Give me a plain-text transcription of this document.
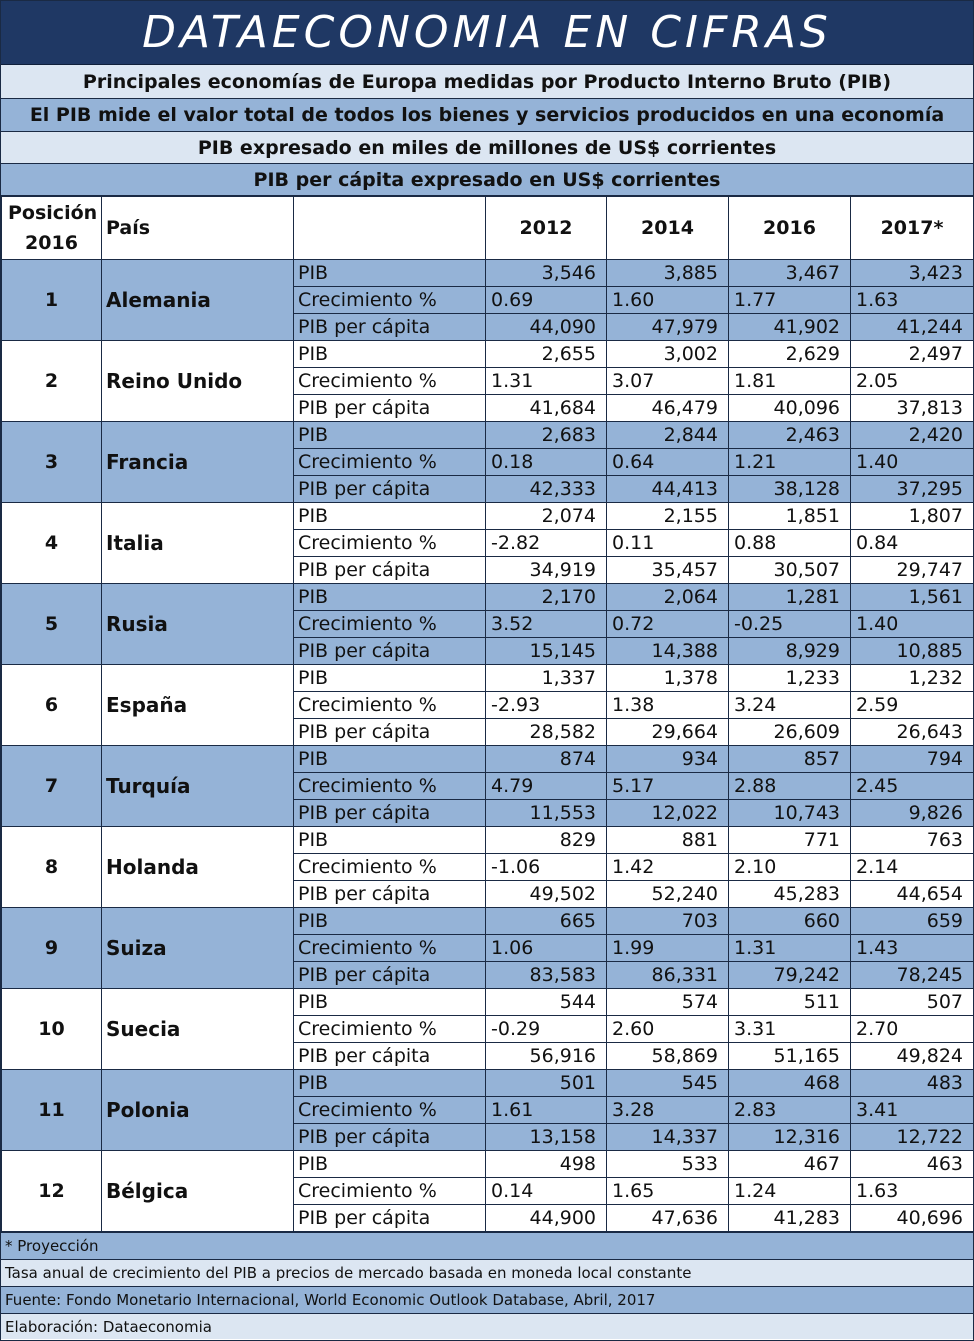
DATAECONOMIA EN CIFRAS
Principales economías de Europa medidas por Producto Interno Bruto (PIB)
El PIB mide el valor total de todos los bienes y servicios producidos en una economía
PIB expresado en miles de millones de US$ corrientes
PIB per cápita expresado en US$ corrientes
Posición 2016	País		2012	2014	2016	2017*
1	Alemania	PIB	3,546	3,885	3,467	3,423
		Crecimiento %	0.69	1.60	1.77	1.63
		PIB per cápita	44,090	47,979	41,902	41,244
2	Reino Unido	PIB	2,655	3,002	2,629	2,497
		Crecimiento %	1.31	3.07	1.81	2.05
		PIB per cápita	41,684	46,479	40,096	37,813
3	Francia	PIB	2,683	2,844	2,463	2,420
		Crecimiento %	0.18	0.64	1.21	1.40
		PIB per cápita	42,333	44,413	38,128	37,295
4	Italia	PIB	2,074	2,155	1,851	1,807
		Crecimiento %	-2.82	0.11	0.88	0.84
		PIB per cápita	34,919	35,457	30,507	29,747
5	Rusia	PIB	2,170	2,064	1,281	1,561
		Crecimiento %	3.52	0.72	-0.25	1.40
		PIB per cápita	15,145	14,388	8,929	10,885
6	España	PIB	1,337	1,378	1,233	1,232
		Crecimiento %	-2.93	1.38	3.24	2.59
		PIB per cápita	28,582	29,664	26,609	26,643
7	Turquía	PIB	874	934	857	794
		Crecimiento %	4.79	5.17	2.88	2.45
		PIB per cápita	11,553	12,022	10,743	9,826
8	Holanda	PIB	829	881	771	763
		Crecimiento %	-1.06	1.42	2.10	2.14
		PIB per cápita	49,502	52,240	45,283	44,654
9	Suiza	PIB	665	703	660	659
		Crecimiento %	1.06	1.99	1.31	1.43
		PIB per cápita	83,583	86,331	79,242	78,245
10	Suecia	PIB	544	574	511	507
		Crecimiento %	-0.29	2.60	3.31	2.70
		PIB per cápita	56,916	58,869	51,165	49,824
11	Polonia	PIB	501	545	468	483
		Crecimiento %	1.61	3.28	2.83	3.41
		PIB per cápita	13,158	14,337	12,316	12,722
12	Bélgica	PIB	498	533	467	463
		Crecimiento %	0.14	1.65	1.24	1.63
		PIB per cápita	44,900	47,636	41,283	40,696
* Proyección
Tasa anual de crecimiento del PIB a precios de mercado basada en moneda local constante
Fuente: Fondo Monetario Internacional, World Economic Outlook Database, Abril, 2017
Elaboración: Dataeconomia
